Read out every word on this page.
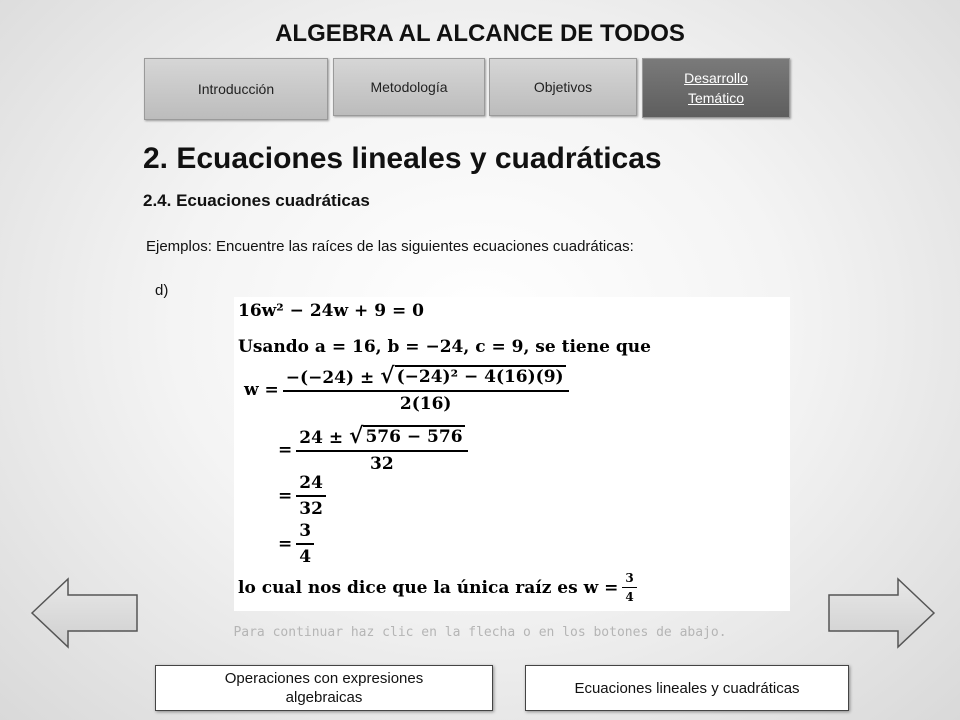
ALGEBRA AL ALCANCE DE TODOS
Introducción	Metodología	Objetivos
Desarrollo Temático
2. Ecuaciones lineales y cuadráticas
2.4. Ecuaciones cuadráticas
Ejemplos: Encuentre las raíces de las siguientes ecuaciones cuadráticas:
d)
16w² − 24w + 9 = 0
Usando a = 16, b = −24, c = 9, se tiene que
$w = \frac{\text{−(−24) ± √ (−24)² − 4(16)(9)}}{2(16)}$
= $\frac{24 \pm √ 576 - 576}{32}$
= $\frac{24}{32}$
= $\frac{3}{4}$
lo cual nos dice que la única raíz es $w = \frac{3}{4}$
Para continuar haz clic en la flecha o en los botones de abajo.
Operaciones con expresiones algebraicas
Ecuaciones lineales y cuadráticas
